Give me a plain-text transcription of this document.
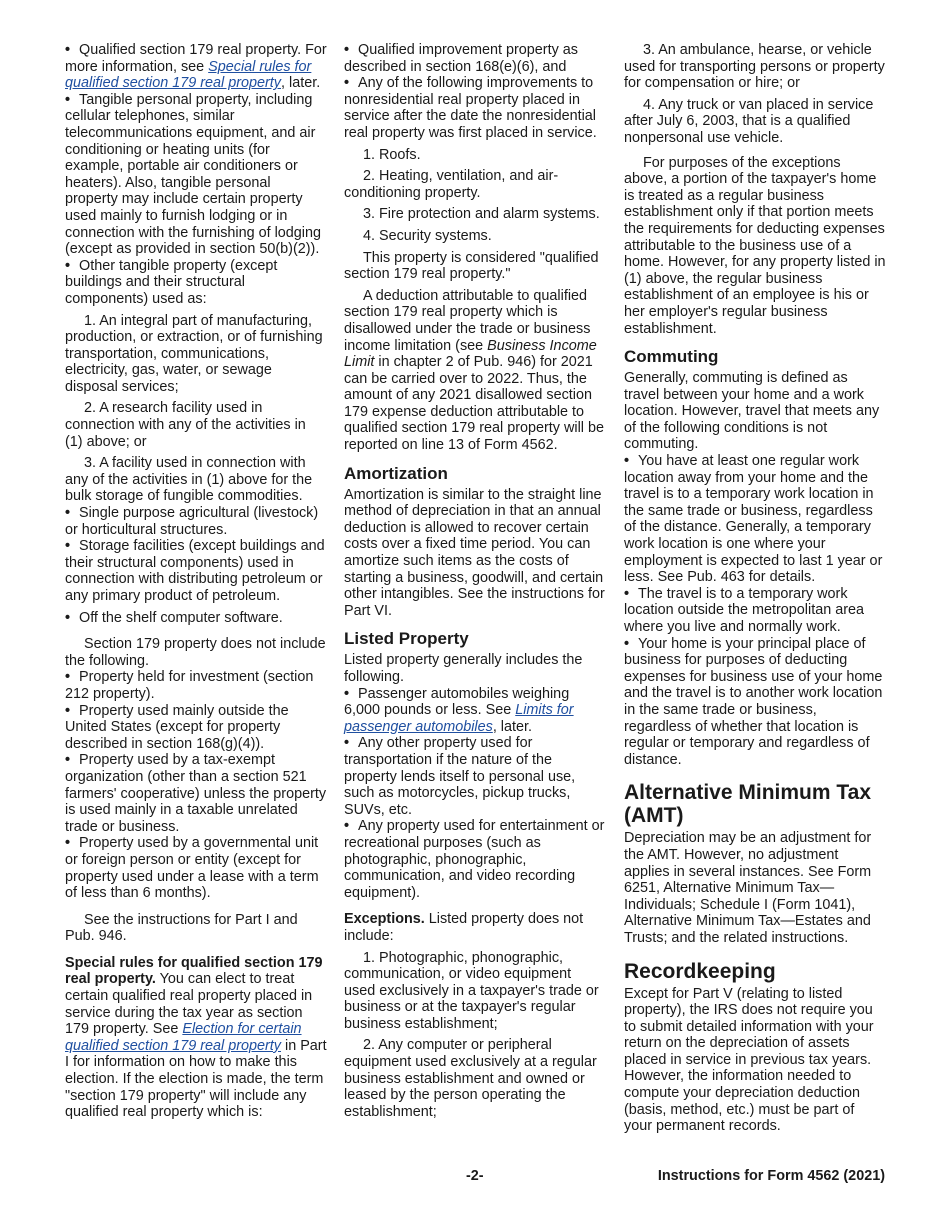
• Qualified section 179 real property. For more information, see Special rules for qualified section 179 real property, later.

• Tangible personal property, including cellular telephones, similar telecommunications equipment, and air conditioning or heating units (for example, portable air conditioners or heaters). Also, tangible personal property may include certain property used mainly to furnish lodging or in connection with the furnishing of lodging (except as provided in section 50(b)(2)).

• Other tangible property (except buildings and their structural components) used as:

1. An integral part of manufacturing, production, or extraction, or of furnishing transportation, communications, electricity, gas, water, or sewage disposal services;

2. A research facility used in connection with any of the activities in (1) above; or

3. A facility used in connection with any of the activities in (1) above for the bulk storage of fungible commodities.

• Single purpose agricultural (livestock) or horticultural structures.

• Storage facilities (except buildings and their structural components) used in connection with distributing petroleum or any primary product of petroleum.

• Off the shelf computer software.

Section 179 property does not include the following.

• Property held for investment (section 212 property).

• Property used mainly outside the United States (except for property described in section 168(g)(4)).

• Property used by a tax-exempt organization (other than a section 521 farmers' cooperative) unless the property is used mainly in a taxable unrelated trade or business.

• Property used by a governmental unit or foreign person or entity (except for property used under a lease with a term of less than 6 months).

See the instructions for Part I and Pub. 946.

Special rules for qualified section 179 real property. You can elect to treat certain qualified real property placed in service during the tax year as section 179 property. See Election for certain qualified section 179 real property in Part I for information on how to make this election. If the election is made, the term "section 179 property" will include any qualified real property which is:

• Qualified improvement property as described in section 168(e)(6), and

• Any of the following improvements to nonresidential real property placed in service after the date the nonresidential real property was first placed in service.

1. Roofs.

2. Heating, ventilation, and air-conditioning property.

3. Fire protection and alarm systems.

4. Security systems.

This property is considered "qualified section 179 real property."

A deduction attributable to qualified section 179 real property which is disallowed under the trade or business income limitation (see Business Income Limit in chapter 2 of Pub. 946) for 2021 can be carried over to 2022. Thus, the amount of any 2021 disallowed section 179 expense deduction attributable to qualified section 179 real property will be reported on line 13 of Form 4562.

Amortization

Amortization is similar to the straight line method of depreciation in that an annual deduction is allowed to recover certain costs over a fixed time period. You can amortize such items as the costs of starting a business, goodwill, and certain other intangibles. See the instructions for Part VI.

Listed Property

Listed property generally includes the following.

• Passenger automobiles weighing 6,000 pounds or less. See Limits for passenger automobiles, later.

• Any other property used for transportation if the nature of the property lends itself to personal use, such as motorcycles, pickup trucks, SUVs, etc.

• Any property used for entertainment or recreational purposes (such as photographic, phonographic, communication, and video recording equipment).

Exceptions. Listed property does not include:

1. Photographic, phonographic, communication, or video equipment used exclusively in a taxpayer's trade or business or at the taxpayer's regular business establishment;

2. Any computer or peripheral equipment used exclusively at a regular business establishment and owned or leased by the person operating the establishment;

3. An ambulance, hearse, or vehicle used for transporting persons or property for compensation or hire; or

4. Any truck or van placed in service after July 6, 2003, that is a qualified nonpersonal use vehicle.

For purposes of the exceptions above, a portion of the taxpayer's home is treated as a regular business establishment only if that portion meets the requirements for deducting expenses attributable to the business use of a home. However, for any property listed in (1) above, the regular business establishment of an employee is his or her employer's regular business establishment.

Commuting

Generally, commuting is defined as travel between your home and a work location. However, travel that meets any of the following conditions is not commuting.

• You have at least one regular work location away from your home and the travel is to a temporary work location in the same trade or business, regardless of the distance. Generally, a temporary work location is one where your employment is expected to last 1 year or less. See Pub. 463 for details.

• The travel is to a temporary work location outside the metropolitan area where you live and normally work.

• Your home is your principal place of business for purposes of deducting expenses for business use of your home and the travel is to another work location in the same trade or business, regardless of whether that location is regular or temporary and regardless of distance.

Alternative Minimum Tax (AMT)

Depreciation may be an adjustment for the AMT. However, no adjustment applies in several instances. See Form 6251, Alternative Minimum Tax—Individuals; Schedule I (Form 1041), Alternative Minimum Tax—Estates and Trusts; and the related instructions.

Recordkeeping

Except for Part V (relating to listed property), the IRS does not require you to submit detailed information with your return on the depreciation of assets placed in service in previous tax years. However, the information needed to compute your depreciation deduction (basis, method, etc.) must be part of your permanent records.

-2-	Instructions for Form 4562 (2021)
